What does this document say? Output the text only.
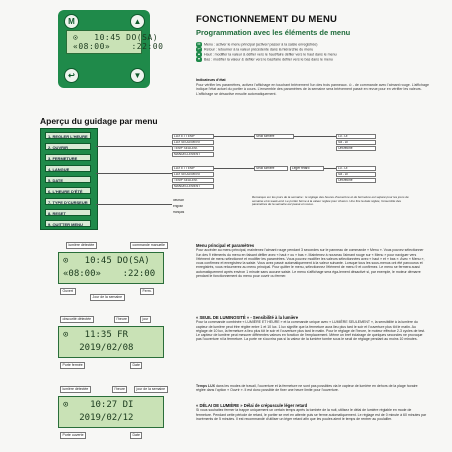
⊙   10:45 DO(SA)
«08:00»    :22:00
M	▲
↩	▼
FONCTIONNEMENT DU MENU
Programmation avec les éléments de menu
M Menu : activer le menu principal (activer/ passer à la saisie enregistrée)
↩ Retour : retourner à la valeur précédente dans la hiérarchie du menu
▲ Haut : modifier la valeur & défiler vers le haut/faire défiler vers le haut dans le menu
▼ Bas : modifier la valeur & défiler vers le bas/faire défiler vers le bas dans le menu
Indicateurs d'état
Pour vérifier les paramètres, activez l'affichage en touchant brièvement l'un des trois panneaux. ⊙ - de commande avec l'aimant rouge. L'affichage indique l'état actuel du portier à cours. L'ensemble des paramètres de la semaine sera brièvement passé en revue pour en vérifier les valeurs. L'affichage se désactive ensuite automatiquement.
Aperçu du guidage par menu
1. REGLER L'HEURE
2. OUVRIR
3. FERMETURE
4. LANGUE
5. DATE
6. L'HEURE D'ÉTÉ
7. TYPE D'CURSEUR
8. RESET
9. QUITTER MENU
LUX ET TEMP
LUX SEULEMENT
TEMP SEULEM.
MANUELLEMENT
Seuil lumière	Lu - Di
Sa - Di
Ohrzeiche
LUX ET TEMP
LUX SEULEMENT
TEMP SEULEM.
MANUELLEMENT
Seuil lumière	Léger retard	Lu - Di
Sa - Di
Ohrzeiche
deutsch
english
français
Remarque sur les jours de la semaine : le réglage des heures d'ouverture et de fermeture est séparé pour les jours de semaine et le week-end. Le portier ferme à la valeur réglée pour chacun. Une fois la date réglée, l'ensemble des paramètres de la semaine est passé en revue.
lumière détectée	commande manuelle
⊙   10:45 DO(SA)
«08:00»    :22:00
Ouvert
Jour de la semaine
Ferm.
obscurité détectée	l'heure	jour
⊙   11:35 FR
2019/02/08
Porte fermée	Date
lumière détectée	l'heure	jour de la semaine
⊙    10:27 DI
2019/02/12
Porte ouverte	Date
Menu principal et paramètres
Pour accéder au menu principal, maintenez l'aimant rouge pendant 3 secondes sur le panneau de commande « Menu ». Vous pouvez sélectionner l'un des 9 éléments du menu en faisant défiler avec « haut » ou « bas ». Maintenez à nouveau l'aimant rouge sur « Menu » pour naviguer vers l'élément de menu sélectionné et modifier les paramètres. Vous pouvez modifier les valeurs sélectionnées avec « haut » et « bas ». Avec « Menu », vous confirmez et enregistrez la saisie. Vous avez passé automatiquement à la valeur suivante. Lorsque tous les sous-menus ont été parcourus et enregistrés, vous retournerez au menu principal. Pour quitter le menu, sélectionnez l'élément de menu 9 et confirmez. Le menu se fermera aussi automatiquement après environ 1 minute sans aucune saisie. Le menu s'affichage sera éga-lement désactivé si, par exemple, le moteur démarre pendant le fonctionnement du menu pour ouvrir ou fermer.
« SEUIL DE LUMINOSITÉ » - Sensibilité à la lumière
Pour la commande combinée « LUMIÈRE ET HEURE » et la commande unique avec « LUMIÈRE SEULEMENT », la sensibilité à la lumière du capteur de lumière peut être réglée entre 1 et 10 lux. 1 lux signifie que la fermeture aura lieu plus tard le soir et l'ouverture plus tôt le matin. Au réglage de 10 lux, la fermeture a lieu plus tôt le soir et l'ouverture plus tard le matin. Pour le réglage de l'heure, le moteur effectue 2-3 cycles de test. Le capteur de lumière peut mesurer différentes valeurs en fonction de l'emplacement. Même un bref éclairage de quelques secondes ne provoque pas l'ouverture ni la fermeture. La porte ne s'ouvrira pas si la valeur de la lumière tombe sous le seuil de réglage pendant au moins 10 minutes.
Temps LUX dans les modes de travail, l'ouverture et la fermeture ne sont pas possibles via le capteur de lumière en dehors de la plage horaire réglée dans l'option « Ouvrir ». Il est donc possible de fixer une heure limite pour l'ouverture.
« DÉLAI DE LUMIÈRE » Délai de crépuscule léger retard
Si vous souhaitez fermer la trappe uniquement un certain temps après la tombée de la nuit, utilisez le délai de lumière réglable en mode de fermeture. Pendant cette période de retard, le portier se met en attente puis se ferme automatiquement. Le réglage est de 0 minute à 60 minutes par incréments de 5 minutes. Il est recommandé d'utiliser un léger retard afin que les poules aient le temps de rentrer au poulailler.
